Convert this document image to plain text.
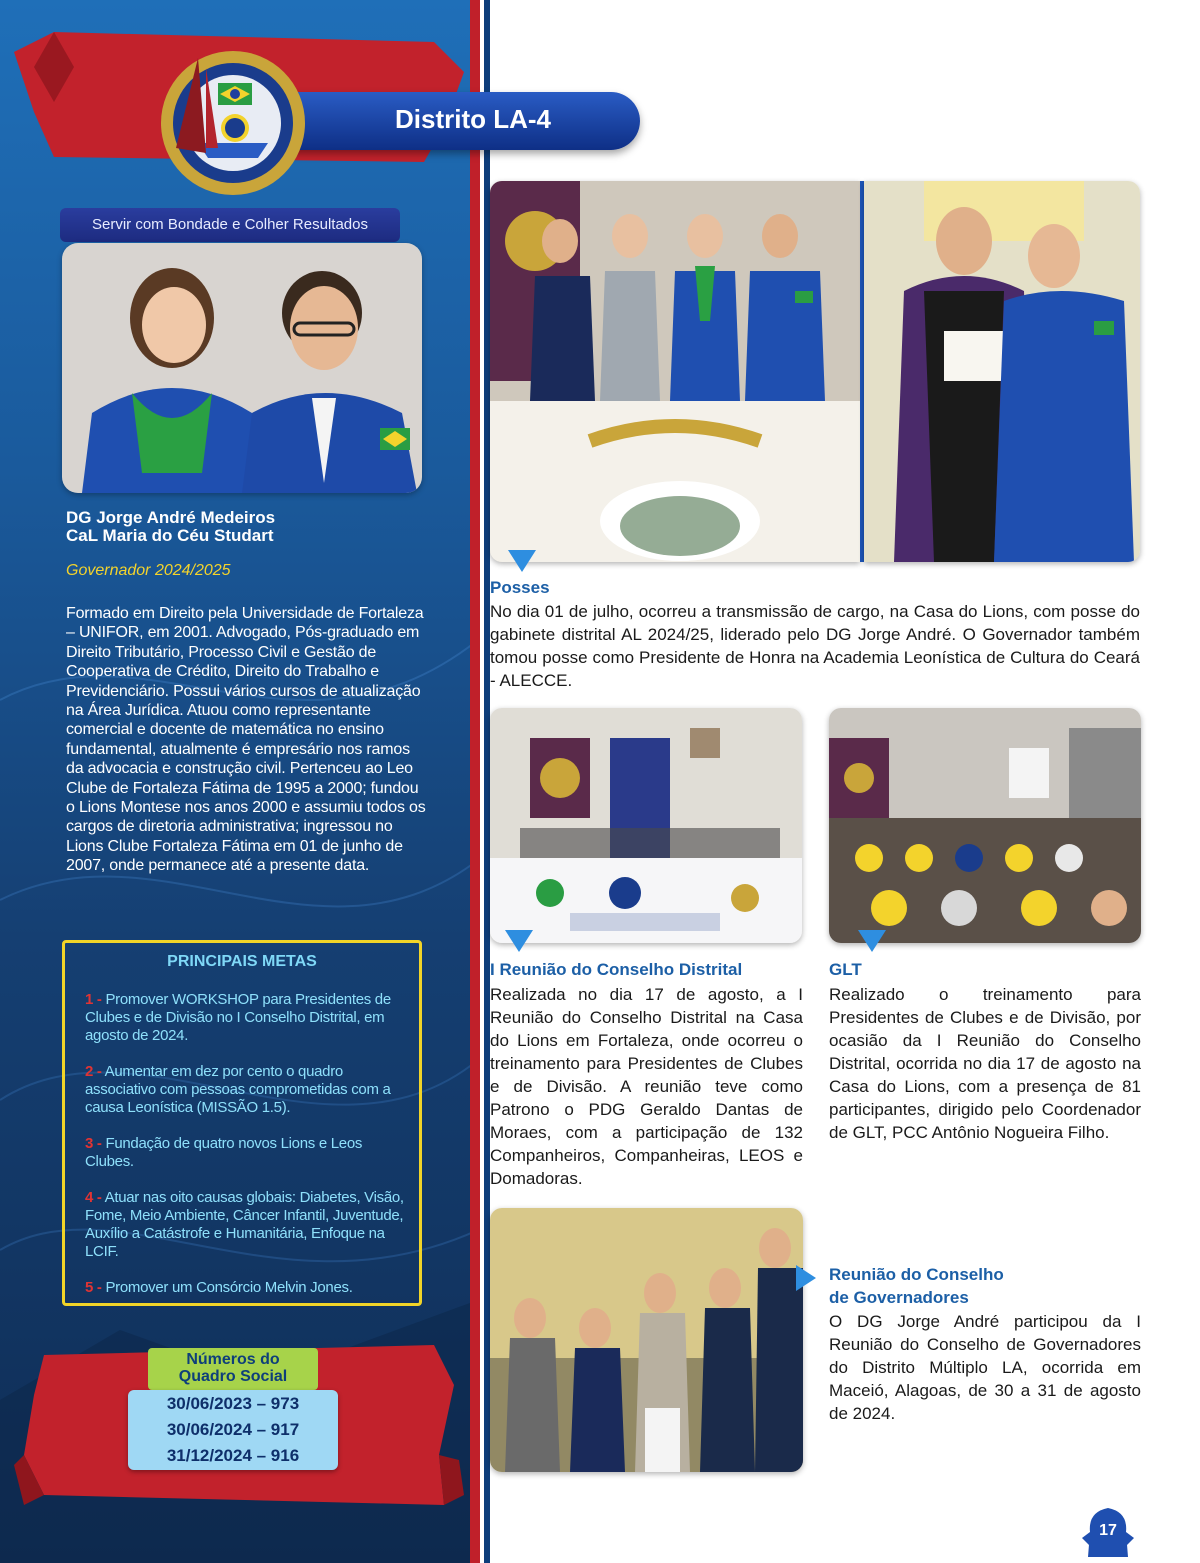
Distrito LA-4
Servir com Bondade e Colher Resultados
DG Jorge André Medeiros
CaL Maria do Céu Studart
Governador 2024/2025
Formado em Direito pela Universidade de Fortaleza – UNIFOR, em 2001. Advogado, Pós-graduado em Direito Tributário, Processo Civil e Gestão de Cooperativa de Crédito, Direito do Trabalho e Previdenciário. Possui vários cursos de atualização na Área Jurídica. Atuou como representante comercial e docente de matemática no ensino fundamental, atualmente é empresário nos ramos da advocacia e construção civil. Pertenceu ao Leo Clube de Fortaleza Fátima de 1995 a 2000; fundou o Lions Montese nos anos 2000 e assumiu todos os cargos de diretoria administrativa; ingressou no Lions Clube Fortaleza Fátima em 01 de junho de 2007, onde permanece até a presente data.
PRINCIPAIS METAS
1 - Promover WORKSHOP para Presidentes de Clubes e de Divisão no I Conselho Distrital, em agosto de 2024.
2 - Aumentar em dez por cento o quadro associativo com pessoas comprometidas com a causa Leonística (MISSÃO 1.5).
3 - Fundação de quatro novos Lions e Leos Clubes.
4 - Atuar nas oito causas globais: Diabetes, Visão, Fome, Meio Ambiente, Câncer Infantil, Juventude, Auxílio a Catástrofe e Humanitária, Enfoque na LCIF.
5 - Promover um Consórcio Melvin Jones.
Números do
Quadro Social
30/06/2023 – 973
30/06/2024 – 917
31/12/2024 – 916
Posses
No dia 01 de julho, ocorreu a transmissão de cargo, na Casa do Lions, com posse do gabinete distrital AL 2024/25, liderado pelo DG Jorge André. O Governador também tomou posse como Presidente de Honra na Academia Leonística de Cultura do Ceará - ALECCE.
I Reunião do Conselho Distrital
Realizada no dia 17 de agosto, a I Reunião do Conselho Distrital na Casa do Lions em Fortaleza, onde ocorreu o treinamento para Presidentes de Clubes e de Divisão. A reunião teve como Patrono o PDG Geraldo Dantas de Moraes, com a participação de 132 Companheiros, Companheiras, LEOS e Domadoras.
GLT
Realizado o treinamento para Presidentes de Clubes e de Divisão, por ocasião da I Reunião do Conselho Distrital, ocorrida no dia 17 de agosto na Casa do Lions, com a presença de 81 participantes, dirigido pelo Coordenador de GLT, PCC Antônio Nogueira Filho.
Reunião do Conselho
de Governadores
O DG Jorge André participou da I Reunião do Conselho de Governadores do Distrito Múltiplo LA, ocorrida em Maceió, Alagoas, de 30 a 31 de agosto de 2024.
17
